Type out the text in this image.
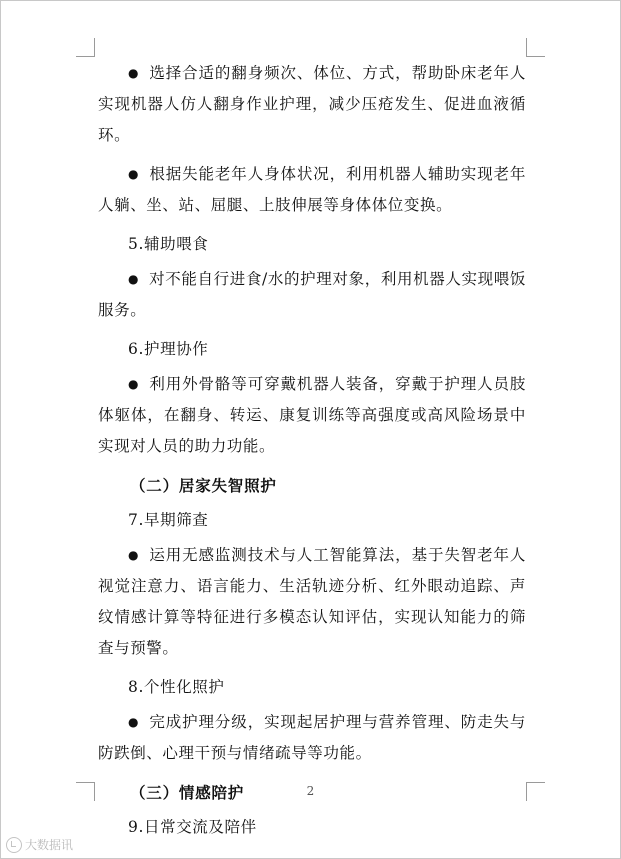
● 选择合适的翻身频次、体位、方式，帮助卧床老年人实现机器人仿人翻身作业护理，减少压疮发生、促进血液循环。

● 根据失能老年人身体状况，利用机器人辅助实现老年人躺、坐、站、屈腿、上肢伸展等身体体位变换。

5.辅助喂食

● 对不能自行进食/水的护理对象，利用机器人实现喂饭服务。

6.护理协作

● 利用外骨骼等可穿戴机器人装备，穿戴于护理人员肢体躯体，在翻身、转运、康复训练等高强度或高风险场景中实现对人员的助力功能。

（二）居家失智照护

7.早期筛查

● 运用无感监测技术与人工智能算法，基于失智老年人视觉注意力、语言能力、生活轨迹分析、红外眼动追踪、声纹情感计算等特征进行多模态认知评估，实现认知能力的筛查与预警。

8.个性化照护

● 完成护理分级，实现起居护理与营养管理、防走失与防跌倒、心理干预与情绪疏导等功能。

（三）情感陪护

9.日常交流及陪伴

2
大数据讯
